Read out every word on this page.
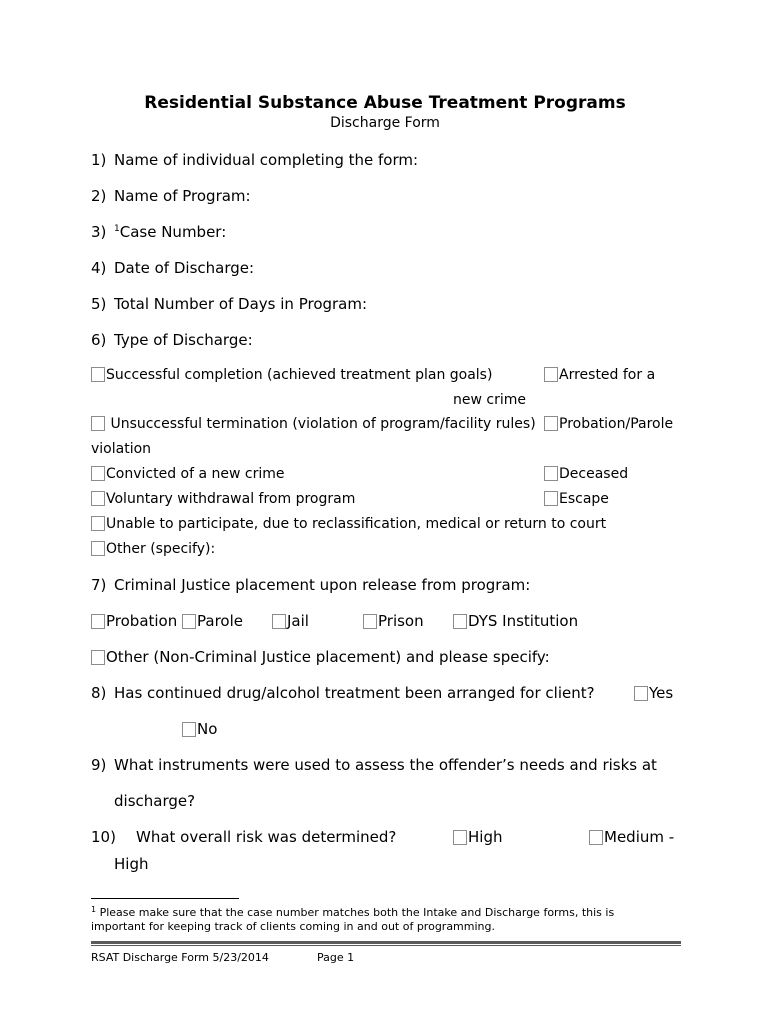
Residential Substance Abuse Treatment Programs
Discharge Form
1) Name of individual completing the form:
2) Name of Program:
3) $^1$Case Number:
4) Date of Discharge:
5) Total Number of Days in Program:
6) Type of Discharge:
Successful completion (achieved treatment plan goals)	Arrested for a
new crime
Unsuccessful termination (violation of program/facility rules)	Probation/Parole
violation
Convicted of a new crime	Deceased
Voluntary withdrawal from program	Escape
Unable to participate, due to reclassification, medical or return to court
Other (specify):
7) Criminal Justice placement upon release from program:
Probation	Parole	Jail	Prison	DYS Institution
Other (Non-Criminal Justice placement) and please specify:
8) Has continued drug/alcohol treatment been arranged for client?	Yes
No
9) What instruments were used to assess the offender’s needs and risks at
discharge?
10) What overall risk was determined?	High	Medium -
High
$^1$ Please make sure that the case number matches both the Intake and Discharge forms, this is important for keeping track of clients coming in and out of programming.
RSAT Discharge Form 5/23/2014	Page 1
